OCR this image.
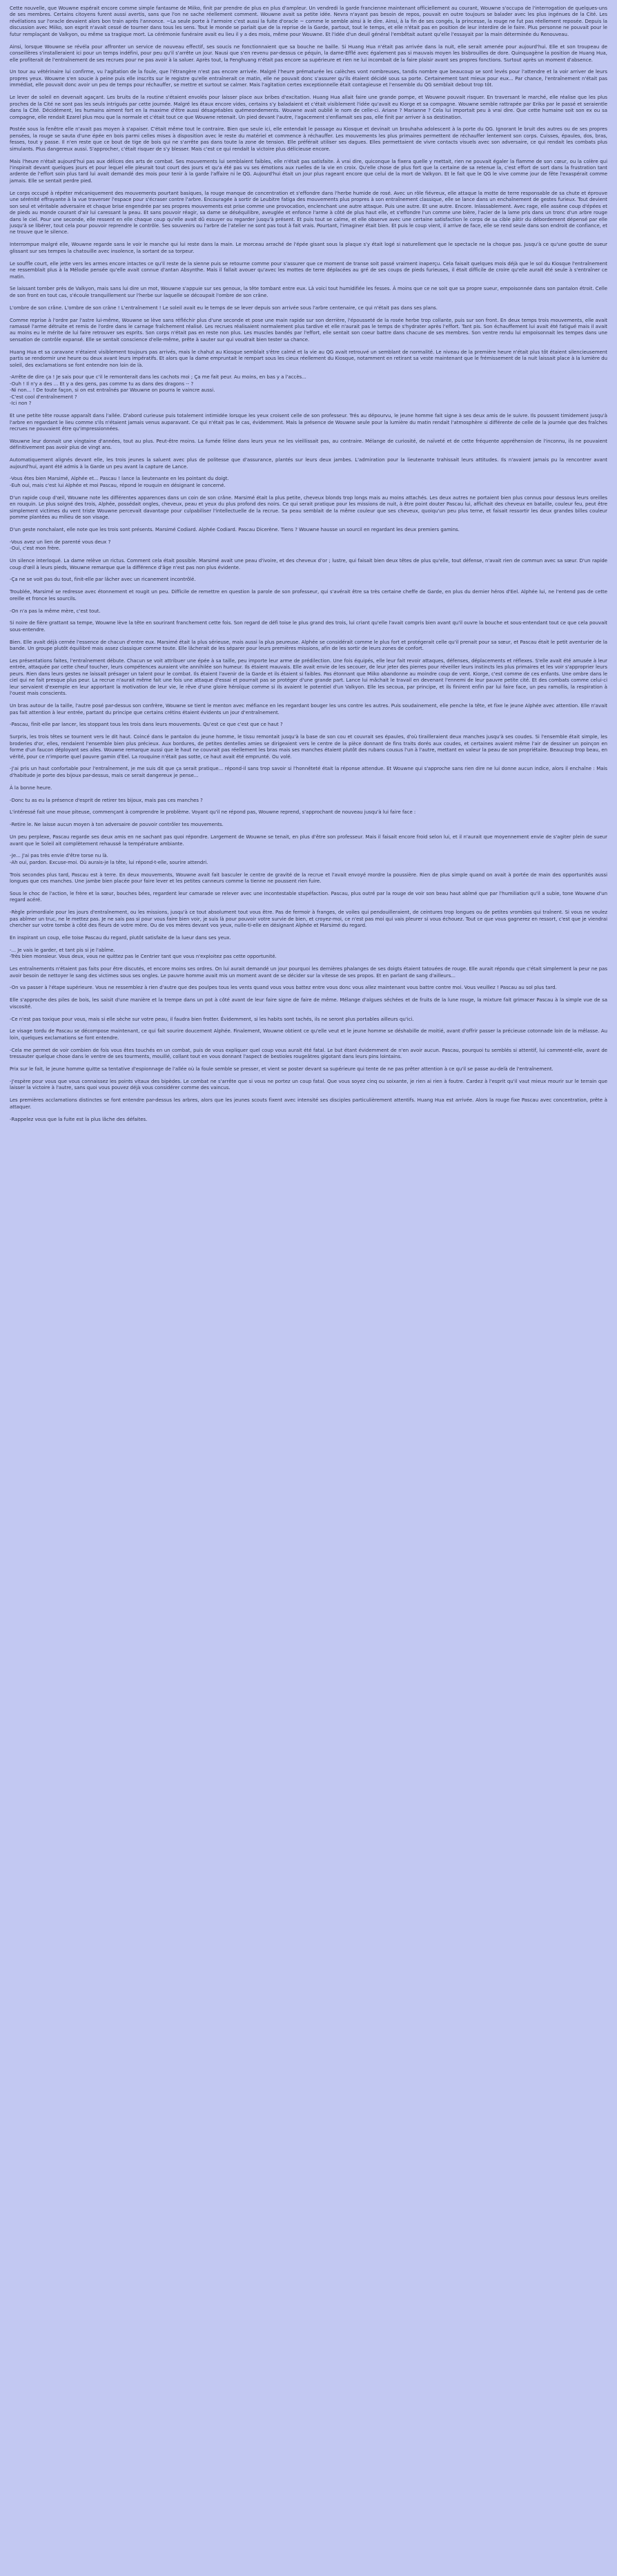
Cette nouvelle, que Wouwne espérait encore comme simple fantasme de Miiko, finit par prendre de plus en plus d'ampleur. Un vendredi la garde francienne maintenant officiellement au courant, Wouwne s'occupa de l'interrogation de quelques-uns de ses membres. Certains citoyens furent aussi avertis, sans que l'on ne sache réellement comment. Wouwne avait sa petite idée. Nevra n'ayant pas besoin de repos, pouvait en outre toujours se balader avec les plus ingénues de la Cité. Les révélations sur l'oracle devaient alors bon train après l'annonce. ~La seule porte à l'armoire c'est aussi la fuite d'oracle ~ comme le semble ainsi à le dire. Ainsi, à la fin de ses congés, la princesse, la rouge ne fut pas réellement reposée. Depuis la discussion avec Miiko, son esprit n'avait cessé de tourner dans tous les sens. Tout le monde se parlait que de la reprise de la Garde, partout, tout le temps, et elle n'était pas en position de leur interdire de le faire. Plus personne ne pouvait pour le futur remplaçant de Valkyon, ou même sa tragique mort. La cérémonie funéraire avait eu lieu il y a des mois, même pour Wouwne. Et l'idée d'un deuil général l'embêtait autant qu'elle l'essayait par la main déterminée du Renouveau.

Ainsi, lorsque Wouwne se révéla pour affronter un service de nouveau effectif, ses soucis ne fonctionnaient que sa bouche ne baille. Si Huang Hua n'était pas arrivée dans la nuit, elle serait amenée pour aujourd'hui. Elle et son troupeau de conseillères s'installeraient ici pour un temps indéfini, pour peu qu'il s'arrête un jour. Nausi que s'en revenu par-dessus ce péquin, la dame-Efflé avec également pas si mauvais moyen les bisbrouilles de dore. Quinquagène la position de Huang Hua, elle profiterait de l'entraînement de ses recrues pour ne pas avoir à la saluer. Après tout, la Fenghuang n'était pas encore sa supérieure et rien ne lui incombait de la faire plaisir avant ses propres fonctions. Surtout après un moment d'absence.

Un tour au vétérinaire lui confirme, vu l'agitation de la foule, que l'étrangère n'est pas encore arrivée. Malgré l'heure prématurée les calèches vont nombreuses, tandis nombre que beaucoup se sont levés pour l'attendre et la voir arriver de leurs propres yeux. Wouwne s'en soucie à peine puis elle inscrits sur le registre qu'elle entraînerait ce matin, elle ne pouvait donc s'assurer qu'ils étaient décidé sous sa porte. Certainement tant mieux pour eux... Par chance, l'entraînement n'était pas immédiat, elle pouvait donc avoir un peu de temps pour réchauffer, se mettre et surtout se calmer. Mais l'agitation certes exceptionnelle était contagieuse et l'ensemble du QG semblait debout trop tôt.

Le lever de soleil en devenait agaçant. Les bruits de la routine s'étaient envolés pour laisser place aux bribes d'excitation. Huang Hua allait faire une grande pompe, et Wouwne pouvait risquer. En traversant le marché, elle réalise que les plus proches de la Cité ne sont pas les seuls intrigués par cette journée. Malgré les étaux encore vides, certains s'y baladaient et c'était visiblement l'idée qu'avait eu Kiorge et sa compagne. Wouwne semble rattrapée par Erika par le passé et seraientle dans la Cité. Décidément, les humains aiment fort en la maxime d'être aussi désagréables quémeondements. Wouwne avait oublié le nom de celle-ci. Ariane ? Marianne ? Cela lui importait peu à vrai dire. Que cette humaine soit son ex ou sa compagne, elle rendait Ezarel plus mou que la normale et c'était tout ce que Wouwne retenait. Un pied devant l'autre, l'agacement s'enflamait ses pas, elle finit par arriver à sa destination.

Postée sous la fenêtre elle n'avait pas moyen à s'apaiser. C'était même tout le contraire. Bien que seule ici, elle entendait le passage au Kiosque et devinait un brouhaha adolescent à la porte du QG. Ignorant le bruit des autres ou de ses propres pensées, la rouge se sauta d'une épée en bois parmi celles mises à disposition avec le reste du matériel et commence à réchauffer. Les mouvements les plus primaires permettent de réchauffer lentement son corps. Cuisses, épaules, dos, bras, fesses, tout y passe. Il n'en reste que ce bout de tige de bois qui ne s'arrête pas dans toute la zone de tension. Elle préférait utiliser ses dagues. Elles permettaient de vivre contacts visuels avec son adversaire, ce qui rendait les combats plus simulants. Plus dangereux aussi. S'approcher, c'était risquer de s'y blesser. Mais c'est ce qui rendait la victoire plus délicieuse encore.

Mais l'heure n'était aujourd'hui pas aux délices des arts de combat. Ses mouvements lui semblaient faibles, elle n'était pas satisfaite. À vrai dire, quiconque la fixera quelle y mettait, rien ne pouvait égaler la flamme de son cœur, ou la colère qui l'inspirait devant quelques jours et pour lequel elle pleurait tout court des jours et qu'a été pas vu ses émotions aux ruelles de la vie en croix. Qu'elle chose de plus fort que la certaine de sa retenue la, c'est effort de sort dans la frustration tant ardente de l'effort soin plus tard lui avait demandé des mois pour tenir à la garde l'affaire ni le QG. Aujourd'hui était un jour plus rageant encore que celui de la mort de Valkyon. Et le fait que le QG le vive comme jour de fête l'exaspérait comme jamais. Elle se sentait perdre pied.

Le corps occupé à répéter mécaniquement des mouvements pourtant basiques, la rouge manque de concentration et s'effondre dans l'herbe humide de rosé. Avec un rôle fiévreux, elle attaque la motte de terre responsable de sa chute et éprouve une sérénité effrayante à la vue traverser l'espace pour s'écraser contre l'arbre. Encouragée à sortir de Leubitre fatiga des mouvements plus propres à son entraînement classique, elle se lance dans un enchaînement de gestes furieux. Tout devient son seul et véritable adversaire et chaque brise engendrée par ses propres mouvements est prise comme une provocation, enclenchant une autre attaque. Puis une autre. Et une autre. Encore. Inlassablement. Avec rage, elle assène coup d'épées et de pieds au monde courant d'air lui caressant la peau. Et sans pouvoir réagir, sa dame se déséquilibre, aveuglée et enfonce l'arme à côté de plus haut elle, et s'effondre l'un comme une bière, l'acier de la lame pris dans un tronc d'un arbre rouge dans le ciel. Pour une seconde, elle ressent en elle chaque coup qu'elle avait dû essuyer ou regarder jusqu'à présent. Et puis tout se calme, et elle observe avec une certaine satisfaction le corps de sa cible pâtir du débordement dépensé par elle jusqu'à se libérer, tout cela pour pouvoir reprendre le contrôle. Ses souvenirs ou l'arbre de l'atelier ne sont pas tout à fait vrais. Pourtant, l'imaginer était bien. Et puis le coup vient, il arrive de face, elle se rend seule dans son endroit de confiance, et ne trouve que le silence.

Interrompue malgré elle, Wouwne regarde sans le voir le manche qui lui reste dans la main. Le morceau arraché de l'épée gisant sous la plaque s'y était logé si naturellement que le spectacle ne la choque pas. Jusqu'à ce qu'une goutte de sueur glissant sur ses tempes la chatouille avec insolence, la sortant de sa torpeur.

Le souffle court, elle jette vers les armes encore intactes ce qu'il reste de la sienne puis se retourne comme pour s'assurer que ce moment de transe soit passé vraiment inaperçu. Cela faisait quelques mois déjà que le sol du Kiosque l'entraînement ne ressemblait plus à la Mélodie pensée qu'elle avait connue d'antan Absynthe. Mais il fallait avouer qu'avec les mottes de terre déplacées au gré de ses coups de pieds furieuses, il était difficile de croire qu'elle aurait été seule à s'entraîner ce matin.

Se laissant tomber près de Valkyon, mais sans lui dire un mot, Wouwne s'appuie sur ses genoux, la tête tombant entre eux. Là voici tout humidifiée les fesses. À moins que ce ne soit que sa propre sueur, empoisonnée dans son pantalon étroit. Celle de son front en tout cas, s'écoule tranquillement sur l'herbe sur laquelle se découpait l'ombre de son crâne.

L'ombre de son crâne. L'ombre de son crâne ! L'entraînement ! Le soleil avait eu le temps de se lever depuis son arrivée sous l'arbre centenaire, ce qui n'était pas dans ses plans.

Comme reprise à l'ordre par l'astre lui-même, Wouwne se lève sans réfléchir plus d'une seconde et pose une main rapide sur son derrière, l'épousseté de la rosée herbe trop collante, puis sur son front. En deux temps trois mouvements, elle avait ramassé l'arme détruite et remis de l'ordre dans le carnage fraîchement réalisé. Les recrues réalisaient normalement plus tardive et elle n'aurait pas le temps de s'hydrater après l'effort. Tant pis. Son échauffement lui avait été fatigué mais il avait au moins eu le mérite de lui faire retrouver ses esprits. Son corps n'était pas en reste non plus. Les muscles bandés par l'effort, elle sentait son coeur battre dans chacune de ses membres. Son ventre rendu lui empoisonnait les tempes dans une sensation de contrôle expansé. Elle se sentait conscience d'elle-même, prête à sauter sur qui voudrait bien tester sa chance.

Huang Hua et sa caravane n'étaient visiblement toujours pas arrivés, mais le chahut au Kiosque semblait s'être calmé et la vie au QG avait retrouvé un semblant de normalité. Le niveau de la première heure n'était plus tôt étaient silencieusement partis se rendormir une heure ou deux avant leurs impératifs. Et alors que la dame empruntait le rempart sous les cieux réellement du Kiosque, notamment en retirant sa veste maintenant que le frémissement de la nuit laissait place à la lumière du soleil, des exclamations se font entendre non loin de là.

-Arrête de dire ça ! Je sais pour que c'il le remonterait dans les cachots moi ; Ça me fait peur. Au moins, en bas y a l'accès...
-Ouh ! Il n'y a des ... Et y a des gens, pas comme tu as dans des dragons -- ?
-Ni non... ! De toute façon, si on est entraînés par Wouwne on pourra le vaincre aussi.
-C'est cool d'entraînement ?
-Ici non ?

Et une petite tête rousse apparaît dans l'allée. D'abord curieuse puis totalement intimidée lorsque les yeux croisent celle de son professeur. Trés au dépourvu, le jeune homme fait signe à ses deux amis de le suivre. Ils poussent timidement jusqu'à l'arbre en regardant le lieu comme s'ils n'étaient jamais venus auparavant. Ce qui n'était pas le cas, évidemment. Mais la présence de Wouwne seule pour la lumière du matin rendait l'atmosphère si différente de celle de la journée que des fraîches recrues ne pouvaient être qu'impressionnées.

Wouwne leur donnait une vingtaine d'années, tout au plus. Peut-être moins. La fumée féline dans leurs yeux ne les vieillissait pas, au contraire. Mélange de curiosité, de naïveté et de cette fréquente appréhension de l'inconnu, ils ne pouvaient définitivement pas avoir plus de vingt ans.

Automatiquement alignés devant elle, les trois jeunes la saluent avec plus de politesse que d'assurance, plantés sur leurs deux jambes. L'admiration pour la lieutenante trahissait leurs attitudes. Ils n'avaient jamais pu la rencontrer avant aujourd'hui, ayant été admis à la Garde un peu avant la capture de Lance.

-Vous êtes bien Marsimé, Alphée et... Pascau ! lance la lieutenante en les pointant du doigt.
-Euh oui, mais c'est lui Alphée et moi Pascau, répond le rouquin en désignant le concerné.

D'un rapide coup d'œil, Wouwne note les différentes apparences dans un coin de son crâne. Marsimé était la plus petite, cheveux blonds trop longs mais au moins attachés. Les deux autres ne portaient bien plus connus pour dessous leurs oreilles en rouquin. Le plus soigné des trois, Alphée, possédait ongles, cheveux, peau et yeux du plus profond des noirs. Ce qui serait pratique pour les missions de nuit, à être point douter Pascau lui, affichait des cheveux en bataille, couleur feu, peut être simplement victimes du vent triste Wouwne percevait davantage pour culpabiliser l'intellectuelle de la recrue. Sa peau semblait de la même couleur que ses cheveux, quoiqu'un peu plus terne, et faisait ressortir les deux grandes billes couleur pomme plantées au milieu de son visage.

D'un geste nonchalant, elle note que les trois sont présents. Marsimé Codiard. Alphée Codiard. Pascau Dicerène. Tiens ? Wouwne hausse un sourcil en regardant les deux premiers gamins.

-Vous avez un lien de parenté vous deux ?
-Oui, c'est mon frère.

Un silence interloqué. La dame relève un rictus. Comment cela était possible. Marsimé avait une peau d'ivoire, et des cheveux d'or ; lustre, qui faisait bien deux têtes de plus qu'elle, tout défense, n'avait rien de commun avec sa sœur. D'un rapide coup d'œil à leurs pieds, Wouwne remarque que la différence d'âge n'est pas non plus évidente.

-Ça ne se voit pas du tout, finit-elle par lâcher avec un ricanement incontrôlé.

Troublée, Marsimé se redresse avec étonnement et rougit un peu. Difficile de remettre en question la parole de son professeur, qui s'avérait être sa très certaine cheffe de Garde, en plus du dernier héros d'Eel. Alphée lui, ne l'entend pas de cette oreille et fronce les sourcils.

-On n'a pas la même mère, c'est tout.

Si noire de fière grattant sa tempe, Wouwne lève la tête en sourirant franchement cette fois. Son regard de défi toise le plus grand des trois, lui criant qu'elle l'avait compris bien avant qu'il ouvre la bouche et sous-entendant tout ce que cela pouvait sous-entendre.

Bien. Elle avait déjà cernée l'essence de chacun d'entre eux. Marsimé était la plus sérieuse, mais aussi la plus peureuse. Alphée se considérait comme le plus fort et protégerait celle qu'il prenait pour sa sœur, et Pascau était le petit aventurier de la bande. Un groupe plutôt équilibré mais assez classique comme toute. Elle lâcherait de les séparer pour leurs premières missions, afin de les sortir de leurs zones de confort.

Les présentations faites, l'entraînement débute. Chacun se voit attribuer une épée à sa taille, peu importe leur arme de prédilection. Une fois équipés, elle leur fait revoir attaques, défenses, déplacements et réflexes. S'elle avait été amusée à leur entrée, attaquée par cette cheuf toucher, leurs compétences auraient vite annihilée son humeur. Ils étaient mauvais. Elle avait envie de les secouer, de leur jeter des pierres pour réveiller leurs instincts les plus primaires et les voir s'approprier leurs peurs. Rien dans leurs gestes ne laissait présager un talent pour le combat. Ils étaient l'avenir de la Garde et ils étaient si faibles. Pas étonnant que Miiko abandonne au moindre coup de vent. Kiorge, c'est comme de ces enfants. Une ombre dans le ciel qui ne fait presque plus peur. La recrue n'aurait même fait une fois une attaque d'essai et pourrait pas se protéger d'une grande part. Lance lui mâchait le travail en devenant l'ennemi de leur pauvre petite cité. Et des combats comme celui-ci leur servaient d'exemple en leur apportant la motivation de leur vie, le rêve d'une gloire héroïque comme si ils avaient le potentiel d'un Valkyon. Elle les secoua, par principe, et ils finirent enfin par lui faire face, un peu ramollis, la respiration à l'ouest mais conscients.

Un bras autour de la taille, l'autre posé par-dessus son confrère, Wouwne se tient le menton avec méfiance en les regardant bouger les uns contre les autres. Puis soudainement, elle penche la tête, et fixe le jeune Alphée avec attention. Elle n'avait pas fait attention à leur entrée, partant du principe que certains crétins étaient évidents un jour d'entraînement.

-Pascau, finit-elle par lancer, les stoppant tous les trois dans leurs mouvements. Qu'est ce que c'est que ce haut ?

Surpris, les trois têtes se tournent vers le dit haut. Coincé dans le pantalon du jeune homme, le tissu remontait jusqu'à la base de son cou et couvrait ses épaules, d'où tirailleraient deux manches jusqu'à ses coudes. Si l'ensemble était simple, les broderies d'or, elles, rendaient l'ensemble bien plus précieux. Aux bordures, de petites dentelles amies se dirigeaient vers le centre de la pièce donnant de fins traits dorés aux coudes, et certaines avaient même l'air de dessiner un poinçon en forme d'un faucon déployant ses ailes. Wouwne remarque aussi que le haut ne couvrait pas réellement les bras mais ses manches étaient plutôt des rubans cousus l'un à l'autre, mettant en valeur la peau de son propriétaire. Beaucoup trop beau, en vérité, pour ce n'importe quel pauvre gamin d'Eel. La rouquine n'était pas sotte, ce haut avait été emprunté. Ou volé.

-J'ai pris un haut confortable pour l'entraînement, je me suis dit que ça serait pratique... répond-il sans trop savoir si l'honnêteté était la réponse attendue. Et Wouwne qui s'approche sans rien dire ne lui donne aucun indice, alors il enchaîne : Mais d'habitude je porte des bijoux par-dessus, mais ce serait dangereux je pense...

À la bonne heure.

-Donc tu as eu la présence d'esprit de retirer tes bijoux, mais pas ces manches ?

L'intéressé fait une moue piteuse, commençant à comprendre le problème. Voyant qu'il ne répond pas, Wouwne reprend, s'approchant de nouveau jusqu'à lui faire face :

-Retire le. Ne laisse aucun moyen à ton adversaire de pouvoir contrôler tes mouvements.

Un peu perplexe, Pascau regarde ses deux amis en ne sachant pas quoi répondre. Largement de Wouwne se tenait, en plus d'être son professeur. Mais il faisait encore froid selon lui, et il n'aurait que moyennement envie de s'agiter plein de sueur avant que le Soleil ait complètement rehaussé la température ambiante.

-Je... J'ai pas très envie d'être torse nu là.
-Ah oui, pardon. Excuse-moi. Où aurais-je la tête, lui répond-t-elle, sourire attendri.

Trois secondes plus tard, Pascau est à terre. En deux mouvements, Wouwne avait fait basculer le centre de gravité de la recrue et l'avait envoyé mordre la poussière. Rien de plus simple quand on avait à portée de main des opportunités aussi longues que ces manches. Une jambe bien placée pour faire lever et les petites canneurs comme la tienne ne poussent rien fuire.

Sous le choc de l'action, le frère et la sœur, bouches bées, regardent leur camarade se relever avec une incontestable stupéfaction. Pascau, plus outré par la rouge de voir son beau haut abîmé que par l'humiliation qu'il a subie, tone Wouwne d'un regard acéré.

-Règle primordiale pour les jours d'entraînement, ou les missions, jusqu'à ce tout absolument tout vous être. Pas de fermoir à franges, de voiles qui pendouilleraient, de ceintures trop longues ou de petites vrombies qui traînent. Si vous ne voulez pas abîmer un truc, ne le mettez pas. Je ne sais pas si pour vous faire bien voir, je suis là pour pouvoir votre survie de bien, et croyez-moi, ce n'est pas moi qui vais pleurer si vous échouez. Tout ce que vous gagnerez en ressort, c'est que je viendrai chercher sur votre tombe à côté des fleurs de votre mère. Ou de vos mères devant vos yeux, nulle-ti-elle en désignant Alphée et Marsimé du regard.

En inspirant un coup, elle toise Pascau du regard, plutôt satisfaite de la lueur dans ses yeux.

-... Je vais le garder, et tant pis si je l'abîme.
-Très bien monsieur. Vous deux, vous ne quittez pas le Centrier tant que vous n'exploitez pas cette opportunité.

Les entraînements n'étaient pas faits pour être discutés, et encore moins ses ordres. On lui aurait demandé un jour pourquoi les dernières phalanges de ses doigts étaient tatouées de rouge. Elle aurait répondu que c'était simplement la peur ne pas avoir besoin de nettoyer le sang des victimes sous ses ongles. Le pauvre homme avait mis un moment avant de se décider sur la vitesse de ses propos. Et en parlant de sang d'ailleurs...

-On va passer à l'étape supérieure. Vous ne ressemblez à rien d'autre que des poulpes tous les vents quand vous vous battez entre vous donc vous allez maintenant vous battre contre moi. Vous veuillez ! Pascau au sol plus tard.

Elle s'approche des piles de bois, les saisit d'une manière et la trempe dans un pot à côté avant de leur faire signe de faire de même. Mélange d'algues séchées et de fruits de la lune rouge, la mixture fait grimacer Pascau à la simple vue de sa viscosité.

-Ce n'est pas toxique pour vous, mais si elle sèche sur votre peau, il faudra bien frotter. Évidemment, si les habits sont tachés, ils ne seront plus portables ailleurs qu'ici.

Le visage tordu de Pascau se décompose maintenant, ce qui fait sourire doucement Alphée. Finalement, Wouwne obtient ce qu'elle veut et le jeune homme se déshabille de moitié, avant d'offrir passer la précieuse cotonnade loin de la mêlasse. Au loin, quelques exclamations se font entendre.

-Cela me permet de voir combien de fois vous êtes touchés en un combat, puis de vous expliquer quel coup vous aurait été fatal. Le but étant évidemment de n'en avoir aucun. Pascau, pourquoi tu semblés si attentif, lui commenté-elle, avant de tressauter quelque chose dans le ventre de ses tourments, mouillé, collant tout en vous donnant l'aspect de bestioles rougeâtres gigotant dans leurs pins lointains.

Prix sur le fait, le jeune homme quitte sa tentative d'espionnage de l'allée où la foule semble se presser, et vient se poster devant sa supérieure qui tente de ne pas prêter attention à ce qu'il se passe au-delà de l'entraînement.

-J'espère pour vous que vous connaissez les points vitaux des bipèdes. Le combat ne s'arrête que si vous ne portez un coup fatal. Que vous soyez cinq ou soixante, je rien ai rien à foutre. Cardez à l'esprit qu'il vaut mieux mourir sur le terrain que laisser la victoire à l'autre, sans quoi vous pouvez déjà vous considérer comme des vaincus.

Les premières acclamations distinctes se font entendre par-dessus les arbres, alors que les jeunes scouts fixent avec intensité ses disciples particulièrement attentifs. Huang Hua est arrivée. Alors la rouge fixe Pascau avec concentration, prête à attaquer.

-Rappelez vous que la fuite est la plus lâche des défaites.
